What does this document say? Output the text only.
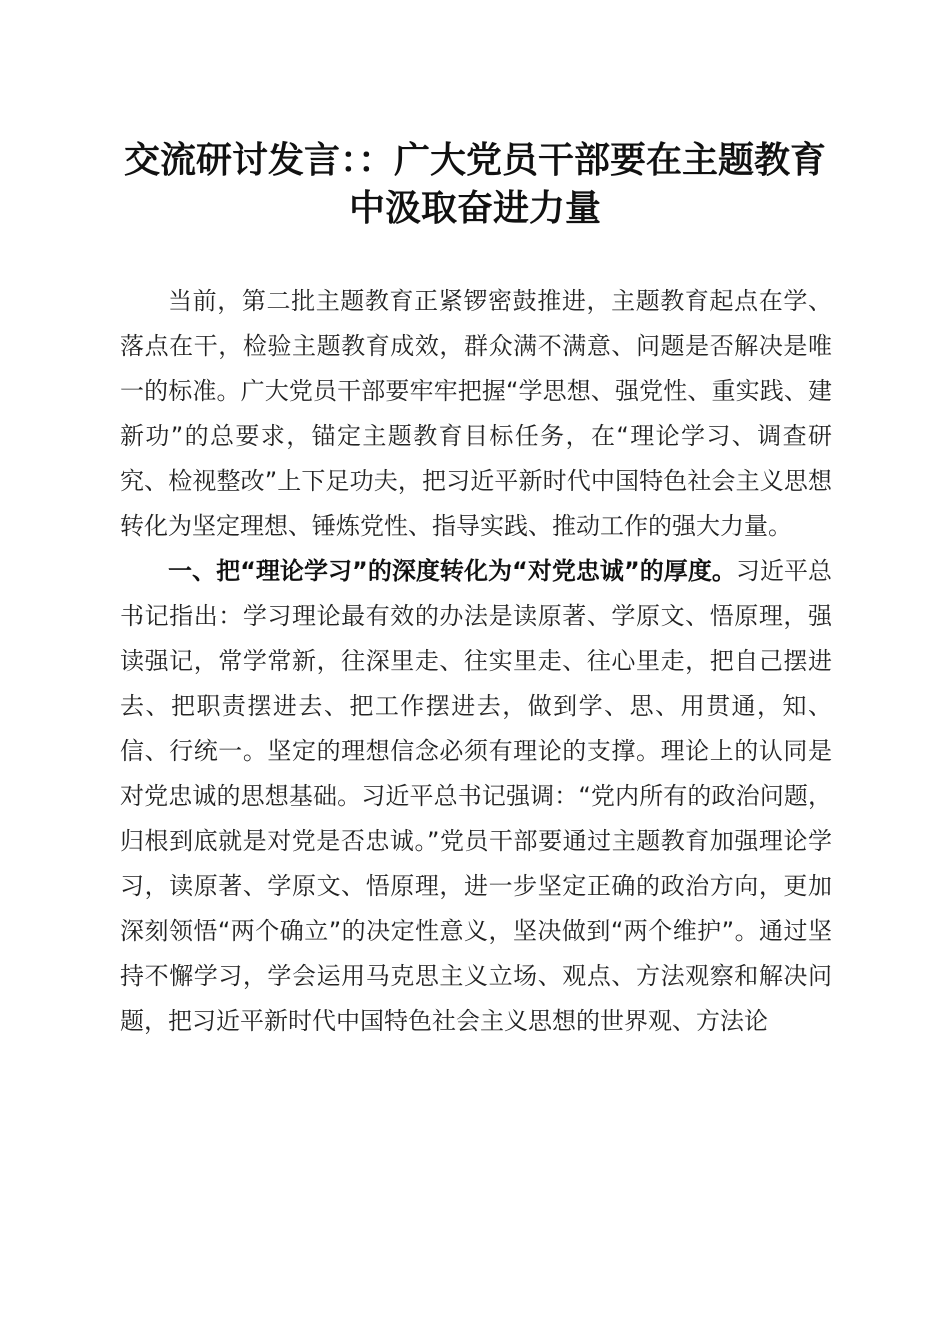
交流研讨发言：：广大党员干部要在主题教育
中汲取奋进力量

当前，第二批主题教育正紧锣密鼓推进，主题教育起点在学、落点在干，检验主题教育成效，群众满不满意、问题是否解决是唯一的标准。广大党员干部要牢牢把握“学思想、强党性、重实践、建新功”的总要求，锚定主题教育目标任务，在“理论学习、调查研究、检视整改”上下足功夫，把习近平新时代中国特色社会主义思想转化为坚定理想、锤炼党性、指导实践、推动工作的强大力量。

一、把“理论学习”的深度转化为“对党忠诚”的厚度。习近平总书记指出：学习理论最有效的办法是读原著、学原文、悟原理，强读强记，常学常新，往深里走、往实里走、往心里走，把自己摆进去、把职责摆进去、把工作摆进去，做到学、思、用贯通，知、信、行统一。坚定的理想信念必须有理论的支撑。理论上的认同是对党忠诚的思想基础。习近平总书记强调：“党内所有的政治问题，归根到底就是对党是否忠诚。”党员干部要通过主题教育加强理论学习，读原著、学原文、悟原理，进一步坚定正确的政治方向，更加深刻领悟“两个确立”的决定性意义，坚决做到“两个维护”。通过坚持不懈学习，学会运用马克思主义立场、观点、方法观察和解决问题，把习近平新时代中国特色社会主义思想的世界观、方法论
